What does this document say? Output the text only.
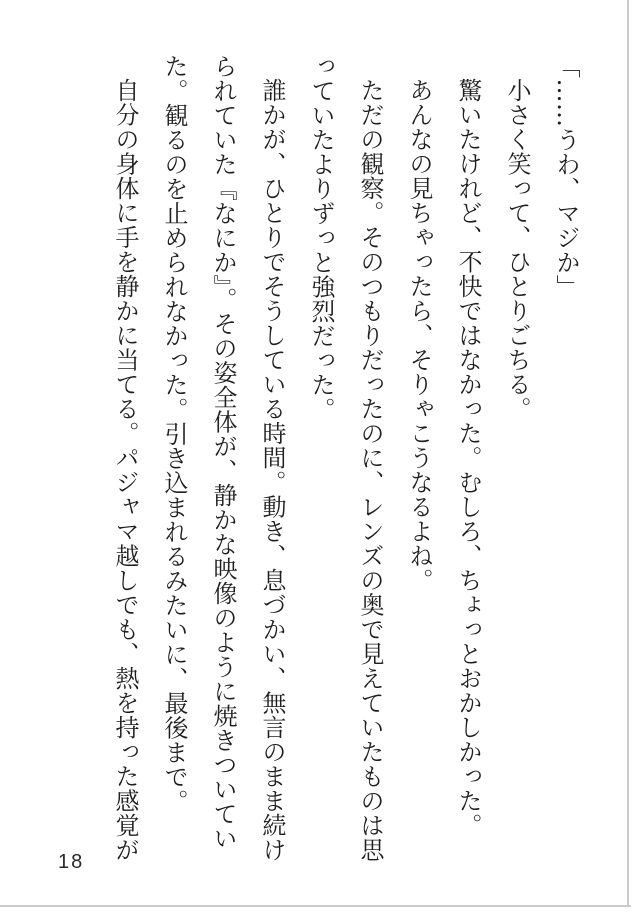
「……うわ、マジか」
小さく笑って、ひとりごちる。
驚いたけれど、不快ではなかった。むしろ、ちょっとおかしかった。
あんなの見ちゃったら、そりゃこうなるよね。
ただの観察。そのつもりだったのに、レンズの奥で見えていたものは思
っていたよりずっと強烈だった。
誰かが、ひとりでそうしている時間。動き、息づかい、無言のまま続け
られていた『なにか』。その姿全体が、静かな映像のように焼きついてい
た。観るのを止められなかった。引き込まれるみたいに、最後まで。
自分の身体に手を静かに当てる。パジャマ越しでも、熱を持った感覚が
18
